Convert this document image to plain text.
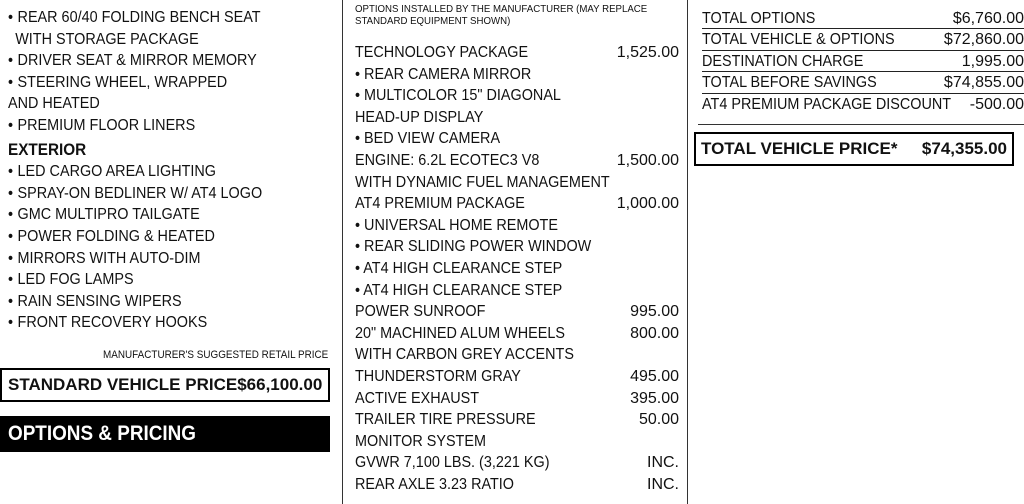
• REAR 60/40 FOLDING BENCH SEAT
WITH STORAGE PACKAGE
• DRIVER SEAT & MIRROR MEMORY
• STEERING WHEEL, WRAPPED
AND HEATED
• PREMIUM FLOOR LINERS
EXTERIOR
• LED CARGO AREA LIGHTING
• SPRAY-ON BEDLINER W/ AT4 LOGO
• GMC MULTIPRO TAILGATE
• POWER FOLDING & HEATED
• MIRRORS WITH AUTO-DIM
• LED FOG LAMPS
• RAIN SENSING WIPERS
• FRONT RECOVERY HOOKS
MANUFACTURER'S SUGGESTED RETAIL PRICE
STANDARD VEHICLE PRICE $66,100.00
OPTIONS & PRICING
OPTIONS INSTALLED BY THE MANUFACTURER (MAY REPLACE
STANDARD EQUIPMENT SHOWN)
TECHNOLOGY PACKAGE	1,525.00
• REAR CAMERA MIRROR
• MULTICOLOR 15" DIAGONAL
HEAD-UP DISPLAY
• BED VIEW CAMERA
ENGINE: 6.2L ECOTEC3 V8	1,500.00
WITH DYNAMIC FUEL MANAGEMENT
AT4 PREMIUM PACKAGE	1,000.00
• UNIVERSAL HOME REMOTE
• REAR SLIDING POWER WINDOW
• AT4 HIGH CLEARANCE STEP
• AT4 HIGH CLEARANCE STEP
POWER SUNROOF	995.00
20" MACHINED ALUM WHEELS	800.00
WITH CARBON GREY ACCENTS
THUNDERSTORM GRAY	495.00
ACTIVE EXHAUST	395.00
TRAILER TIRE PRESSURE	50.00
MONITOR SYSTEM
GVWR 7,100 LBS. (3,221 KG)	INC.
REAR AXLE 3.23 RATIO	INC.
TOTAL OPTIONS	$6,760.00
TOTAL VEHICLE & OPTIONS	$72,860.00
DESTINATION CHARGE	1,995.00
TOTAL BEFORE SAVINGS	$74,855.00
AT4 PREMIUM PACKAGE DISCOUNT -500.00
TOTAL VEHICLE PRICE* $74,355.00
